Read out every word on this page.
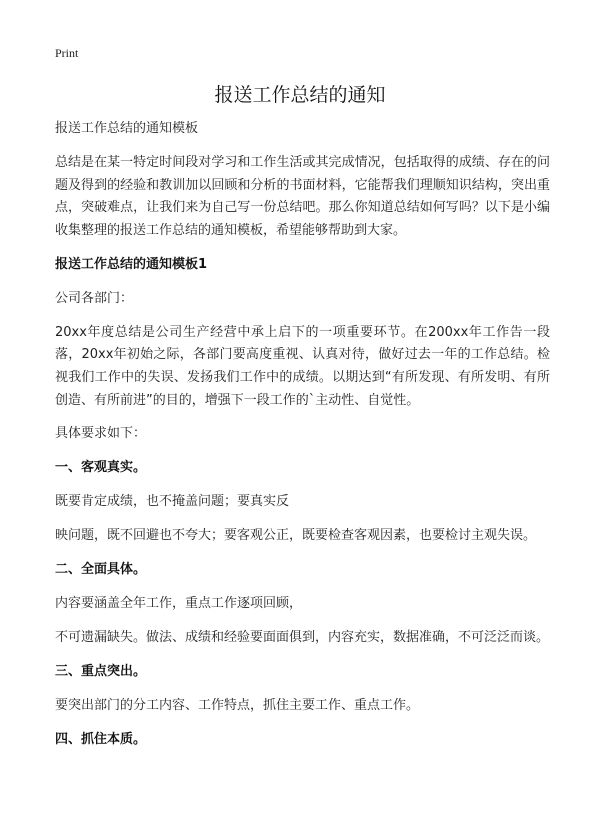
Print
报送工作总结的通知

报送工作总结的通知模板

总结是在某一特定时间段对学习和工作生活或其完成情况，包括取得的成绩、存在的问题及得到的经验和教训加以回顾和分析的书面材料，它能帮我们理顺知识结构，突出重点，突破难点，让我们来为自己写一份总结吧。那么你知道总结如何写吗？以下是小编收集整理的报送工作总结的通知模板，希望能够帮助到大家。

报送工作总结的通知模板1

公司各部门：

20xx年度总结是公司生产经营中承上启下的一项重要环节。在200xx年工作告一段落，20xx年初始之际，各部门要高度重视、认真对待，做好过去一年的工作总结。检视我们工作中的失误、发扬我们工作中的成绩。以期达到“有所发现、有所发明、有所创造、有所前进”的目的，增强下一段工作的`主动性、自觉性。

具体要求如下：

一、客观真实。

既要肯定成绩，也不掩盖问题；要真实反

映问题，既不回避也不夸大；要客观公正，既要检查客观因素，也要检讨主观失误。

二、全面具体。

内容要涵盖全年工作，重点工作逐项回顾，

不可遗漏缺失。做法、成绩和经验要面面俱到，内容充实，数据准确，不可泛泛而谈。

三、重点突出。

要突出部门的分工内容、工作特点，抓住主要工作、重点工作。

四、抓住本质。
